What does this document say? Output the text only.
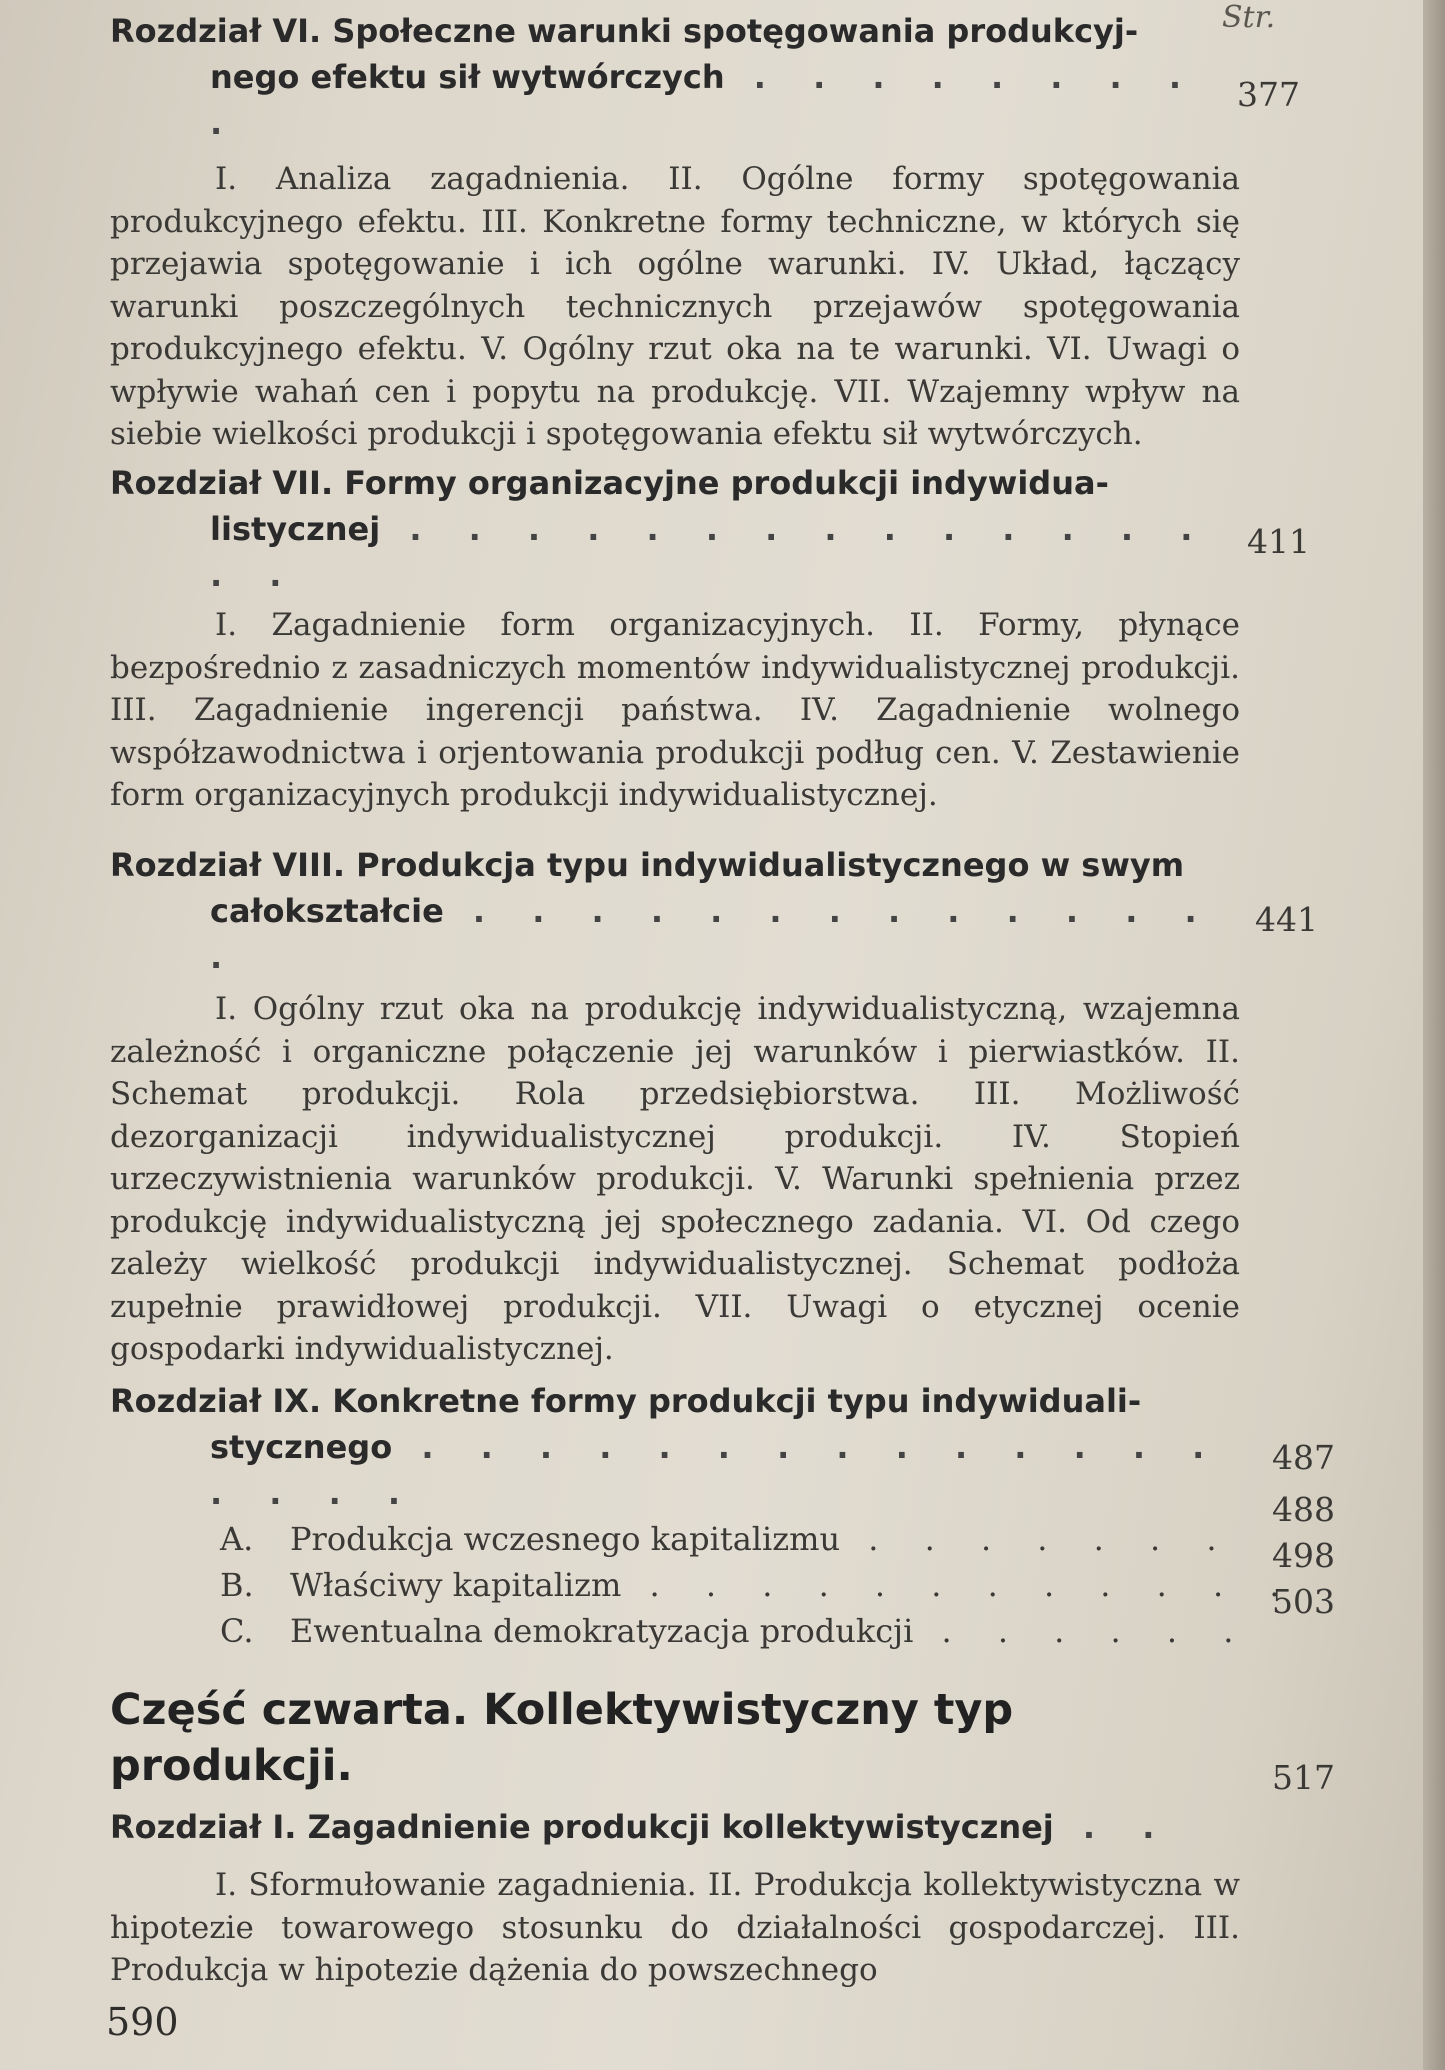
Str.
Rozdział VI. Społeczne warunki spotęgowania produkcyj-
nego efektu sił wytwórczych . . . . . . . . .
I. Analiza zagadnienia. II. Ogólne formy spotęgowania produkcyjnego efektu. III. Konkretne formy techniczne, w których się przejawia spotęgowanie i ich ogólne warunki. IV. Układ, łączący warunki poszczególnych technicznych przejawów spotęgowania produkcyjnego efektu. V. Ogólny rzut oka na te warunki. VI. Uwagi o wpływie wahań cen i popytu na produkcję. VII. Wzajemny wpływ na siebie wielkości produkcji i spotęgowania efektu sił wytwórczych.
377
Rozdział VII. Formy organizacyjne produkcji indywidua-
listycznej . . . . . . . . . . . . . . . .
I. Zagadnienie form organizacyjnych. II. Formy, płynące bezpośrednio z zasadniczych momentów indywidualistycznej produkcji. III. Zagadnienie ingerencji państwa. IV. Zagadnienie wolnego współzawodnictwa i orjentowania produkcji podług cen. V. Zestawienie form organizacyjnych produkcji indywidualistycznej.
411
Rozdział VIII. Produkcja typu indywidualistycznego w swym
całokształcie . . . . . . . . . . . . . .
I. Ogólny rzut oka na produkcję indywidualistyczną, wzajemna zależność i organiczne połączenie jej warunków i pierwiastków. II. Schemat produkcji. Rola przedsiębiorstwa. III. Możliwość dezorganizacji indywidualistycznej produkcji. IV. Stopień urzeczywistnienia warunków produkcji. V. Warunki spełnienia przez produkcję indywidualistyczną jej społecznego zadania. VI. Od czego zależy wielkość produkcji indywidualistycznej. Schemat podłoża zupełnie prawidłowej produkcji. VII. Uwagi o etycznej ocenie gospodarki indywidualistycznej.
441
Rozdział IX. Konkretne formy produkcji typu indywiduali-
stycznego . . . . . . . . . . . . . . . . . .
A. Produkcja wczesnego kapitalizmu . . . . . . .
B. Właściwy kapitalizm . . . . . . . . . . . .
C. Ewentualna demokratyzacja produkcji . . . . . .
487
488
498
503
Część czwarta. Kollektywistyczny typ produkcji.
Rozdział I. Zagadnienie produkcji kollektywistycznej . .
I. Sformułowanie zagadnienia. II. Produkcja kollektywistyczna w hipotezie towarowego stosunku do działalności gospodarczej. III. Produkcja w hipotezie dążenia do powszechnego
517
590
